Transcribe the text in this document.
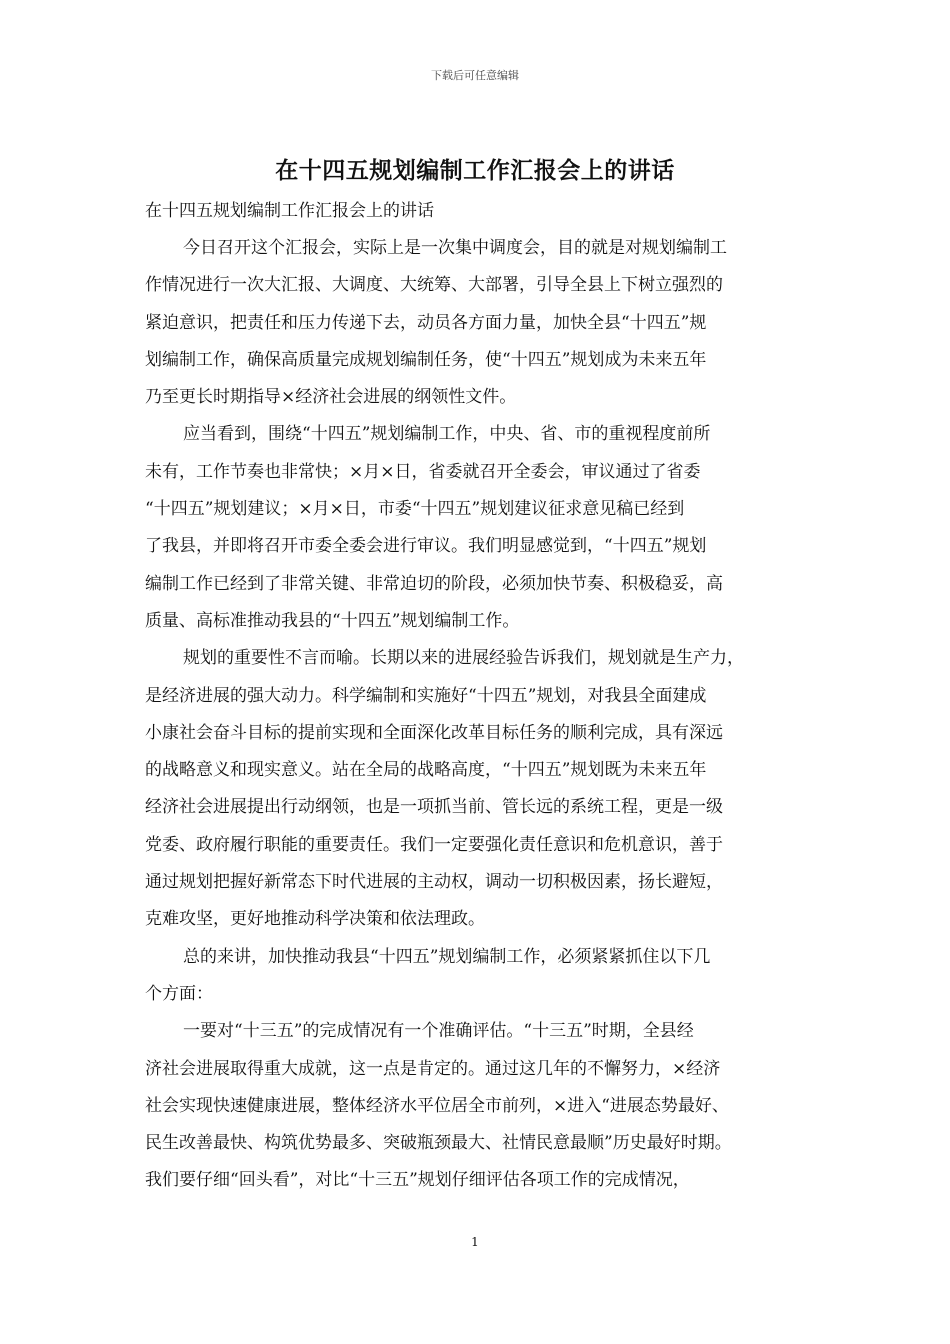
下载后可任意编辑
在十四五规划编制工作汇报会上的讲话
在十四五规划编制工作汇报会上的讲话
今日召开这个汇报会，实际上是一次集中调度会，目的就是对规划编制工
作情况进行一次大汇报、大调度、大统筹、大部署，引导全县上下树立强烈的
紧迫意识，把责任和压力传递下去，动员各方面力量，加快全县“十四五”规
划编制工作，确保高质量完成规划编制任务，使“十四五”规划成为未来五年
乃至更长时期指导×经济社会进展的纲领性文件。
应当看到，围绕“十四五”规划编制工作，中央、省、市的重视程度前所
未有，工作节奏也非常快；×月×日，省委就召开全委会，审议通过了省委
“十四五”规划建议；×月×日，市委“十四五”规划建议征求意见稿已经到
了我县，并即将召开市委全委会进行审议。我们明显感觉到，“十四五”规划
编制工作已经到了非常关键、非常迫切的阶段，必须加快节奏、积极稳妥，高
质量、高标准推动我县的“十四五”规划编制工作。
规划的重要性不言而喻。长期以来的进展经验告诉我们，规划就是生产力，
是经济进展的强大动力。科学编制和实施好“十四五”规划，对我县全面建成
小康社会奋斗目标的提前实现和全面深化改革目标任务的顺利完成，具有深远
的战略意义和现实意义。站在全局的战略高度，“十四五”规划既为未来五年
经济社会进展提出行动纲领，也是一项抓当前、管长远的系统工程，更是一级
党委、政府履行职能的重要责任。我们一定要强化责任意识和危机意识，善于
通过规划把握好新常态下时代进展的主动权，调动一切积极因素，扬长避短，
克难攻坚，更好地推动科学决策和依法理政。
总的来讲，加快推动我县“十四五”规划编制工作，必须紧紧抓住以下几
个方面：
一要对“十三五”的完成情况有一个准确评估。“十三五”时期，全县经
济社会进展取得重大成就，这一点是肯定的。通过这几年的不懈努力，×经济
社会实现快速健康进展，整体经济水平位居全市前列，×进入“进展态势最好、
民生改善最快、构筑优势最多、突破瓶颈最大、社情民意最顺”历史最好时期。
我们要仔细“回头看”，对比“十三五”规划仔细评估各项工作的完成情况，
1
